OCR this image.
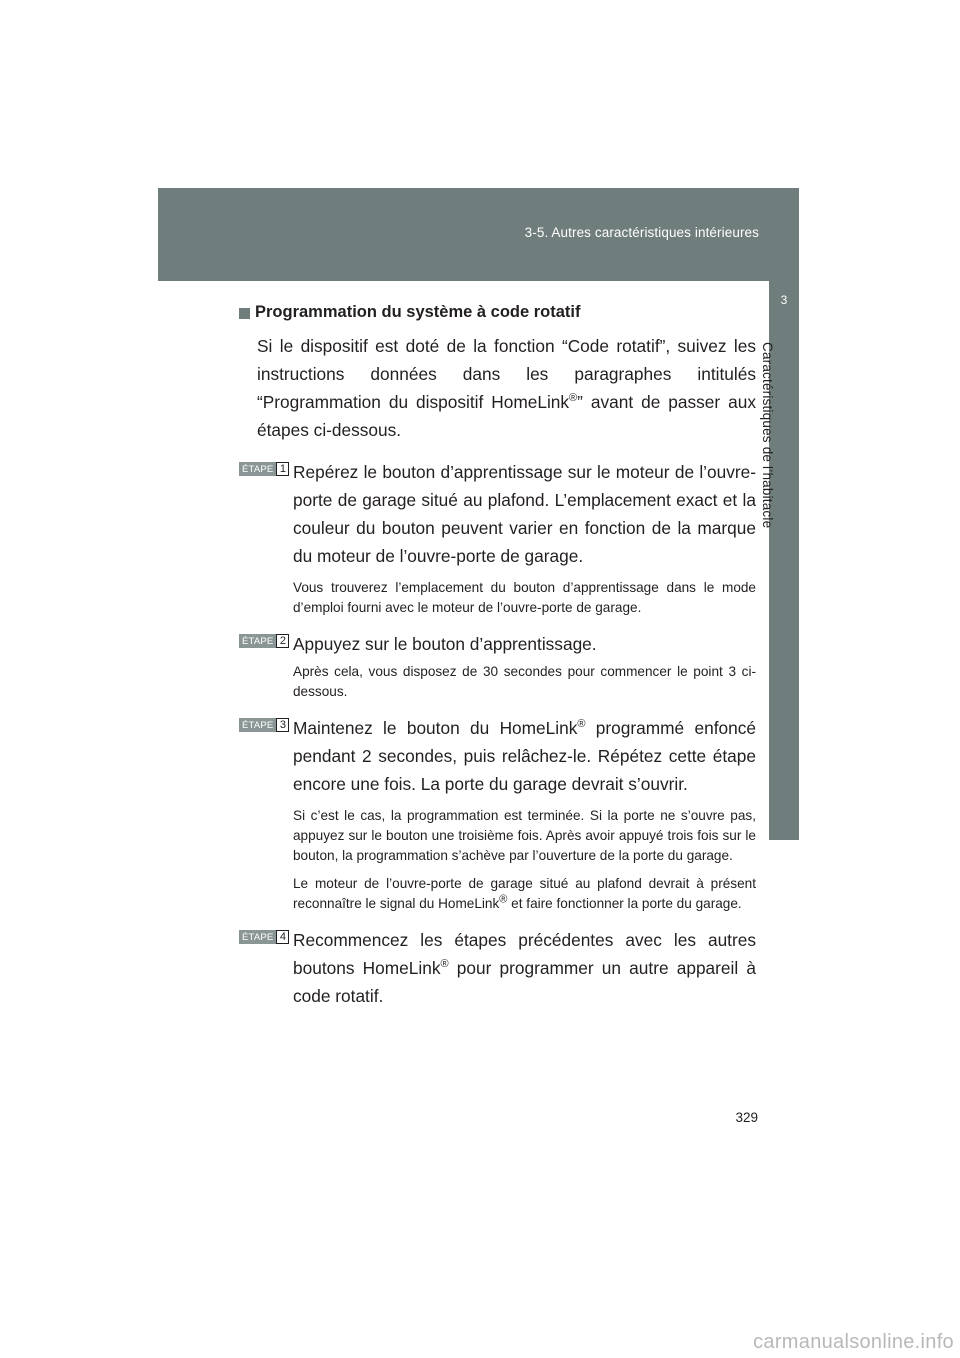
3-5. Autres caractéristiques intérieures
3
Caractéristiques de l’habitacle
Programmation du système à code rotatif
Si le dispositif est doté de la fonction “Code rotatif”, suivez les instructions données dans les paragraphes intitulés “Programmation du dispositif HomeLink®” avant de passer aux étapes ci-dessous.
ÉTAPE 1 Repérez le bouton d’apprentissage sur le moteur de l’ouvre-porte de garage situé au plafond. L’emplacement exact et la couleur du bouton peuvent varier en fonction de la marque du moteur de l’ouvre-porte de garage.
Vous trouverez l’emplacement du bouton d’apprentissage dans le mode d’emploi fourni avec le moteur de l’ouvre-porte de garage.
ÉTAPE 2 Appuyez sur le bouton d’apprentissage.
Après cela, vous disposez de 30 secondes pour commencer le point 3 ci-dessous.
ÉTAPE 3 Maintenez le bouton du HomeLink® programmé enfoncé pendant 2 secondes, puis relâchez-le. Répétez cette étape encore une fois. La porte du garage devrait s’ouvrir.
Si c’est le cas, la programmation est terminée. Si la porte ne s’ouvre pas, appuyez sur le bouton une troisième fois. Après avoir appuyé trois fois sur le bouton, la programmation s’achève par l’ouverture de la porte du garage.
Le moteur de l’ouvre-porte de garage situé au plafond devrait à présent reconnaître le signal du HomeLink® et faire fonctionner la porte du garage.
ÉTAPE 4 Recommencez les étapes précédentes avec les autres boutons HomeLink® pour programmer un autre appareil à code rotatif.
329
carmanualsonline.info
